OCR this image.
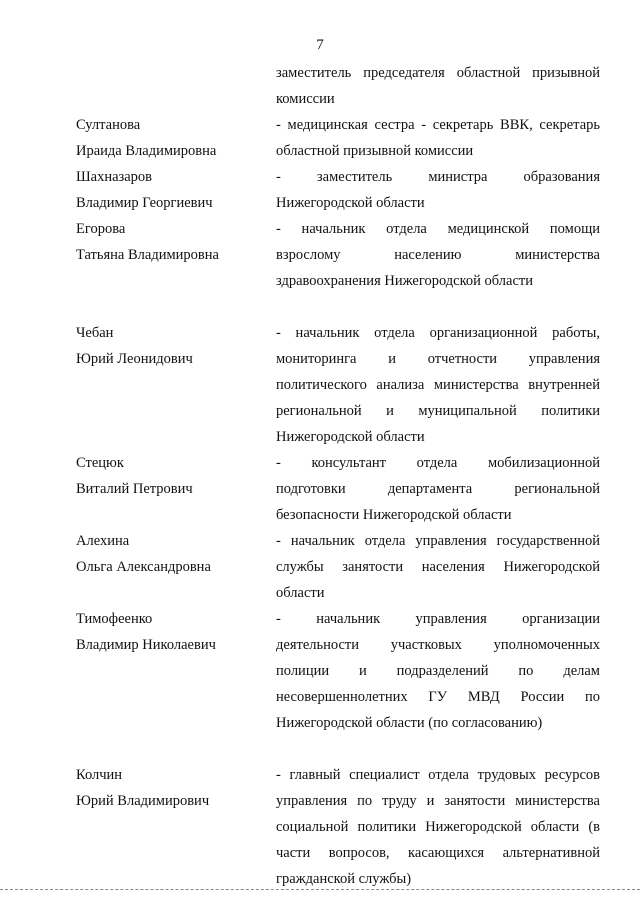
7

заместитель председателя областной призывной
комиссии
Султанова
Ираида Владимировна
- медицинская сестра - секретарь ВВК, секретарь
областной призывной комиссии
Шахназаров
Владимир Георгиевич
- заместитель министра образования
Нижегородской области
Егорова
Татьяна Владимировна
- начальник отдела медицинской помощи
взрослому населению министерства
здравоохранения Нижегородской области
Чебан
Юрий Леонидович
- начальник отдела организационной работы,
мониторинга и отчетности управления
политического анализа министерства внутренней
региональной и муниципальной политики
Нижегородской области
Стецюк
Виталий Петрович
- консультант отдела мобилизационной
подготовки департамента региональной
безопасности Нижегородской области
Алехина
Ольга Александровна
- начальник отдела управления государственной
службы занятости населения Нижегородской
области
Тимофеенко
Владимир Николаевич
- начальник управления организации
деятельности участковых уполномоченных
полиции и подразделений по делам
несовершеннолетних ГУ МВД России по
Нижегородской области (по согласованию)
Колчин
Юрий Владимирович
- главный специалист отдела трудовых ресурсов
управления по труду и занятости министерства
социальной политики Нижегородской области (в
части вопросов, касающихся альтернативной
гражданской службы)
